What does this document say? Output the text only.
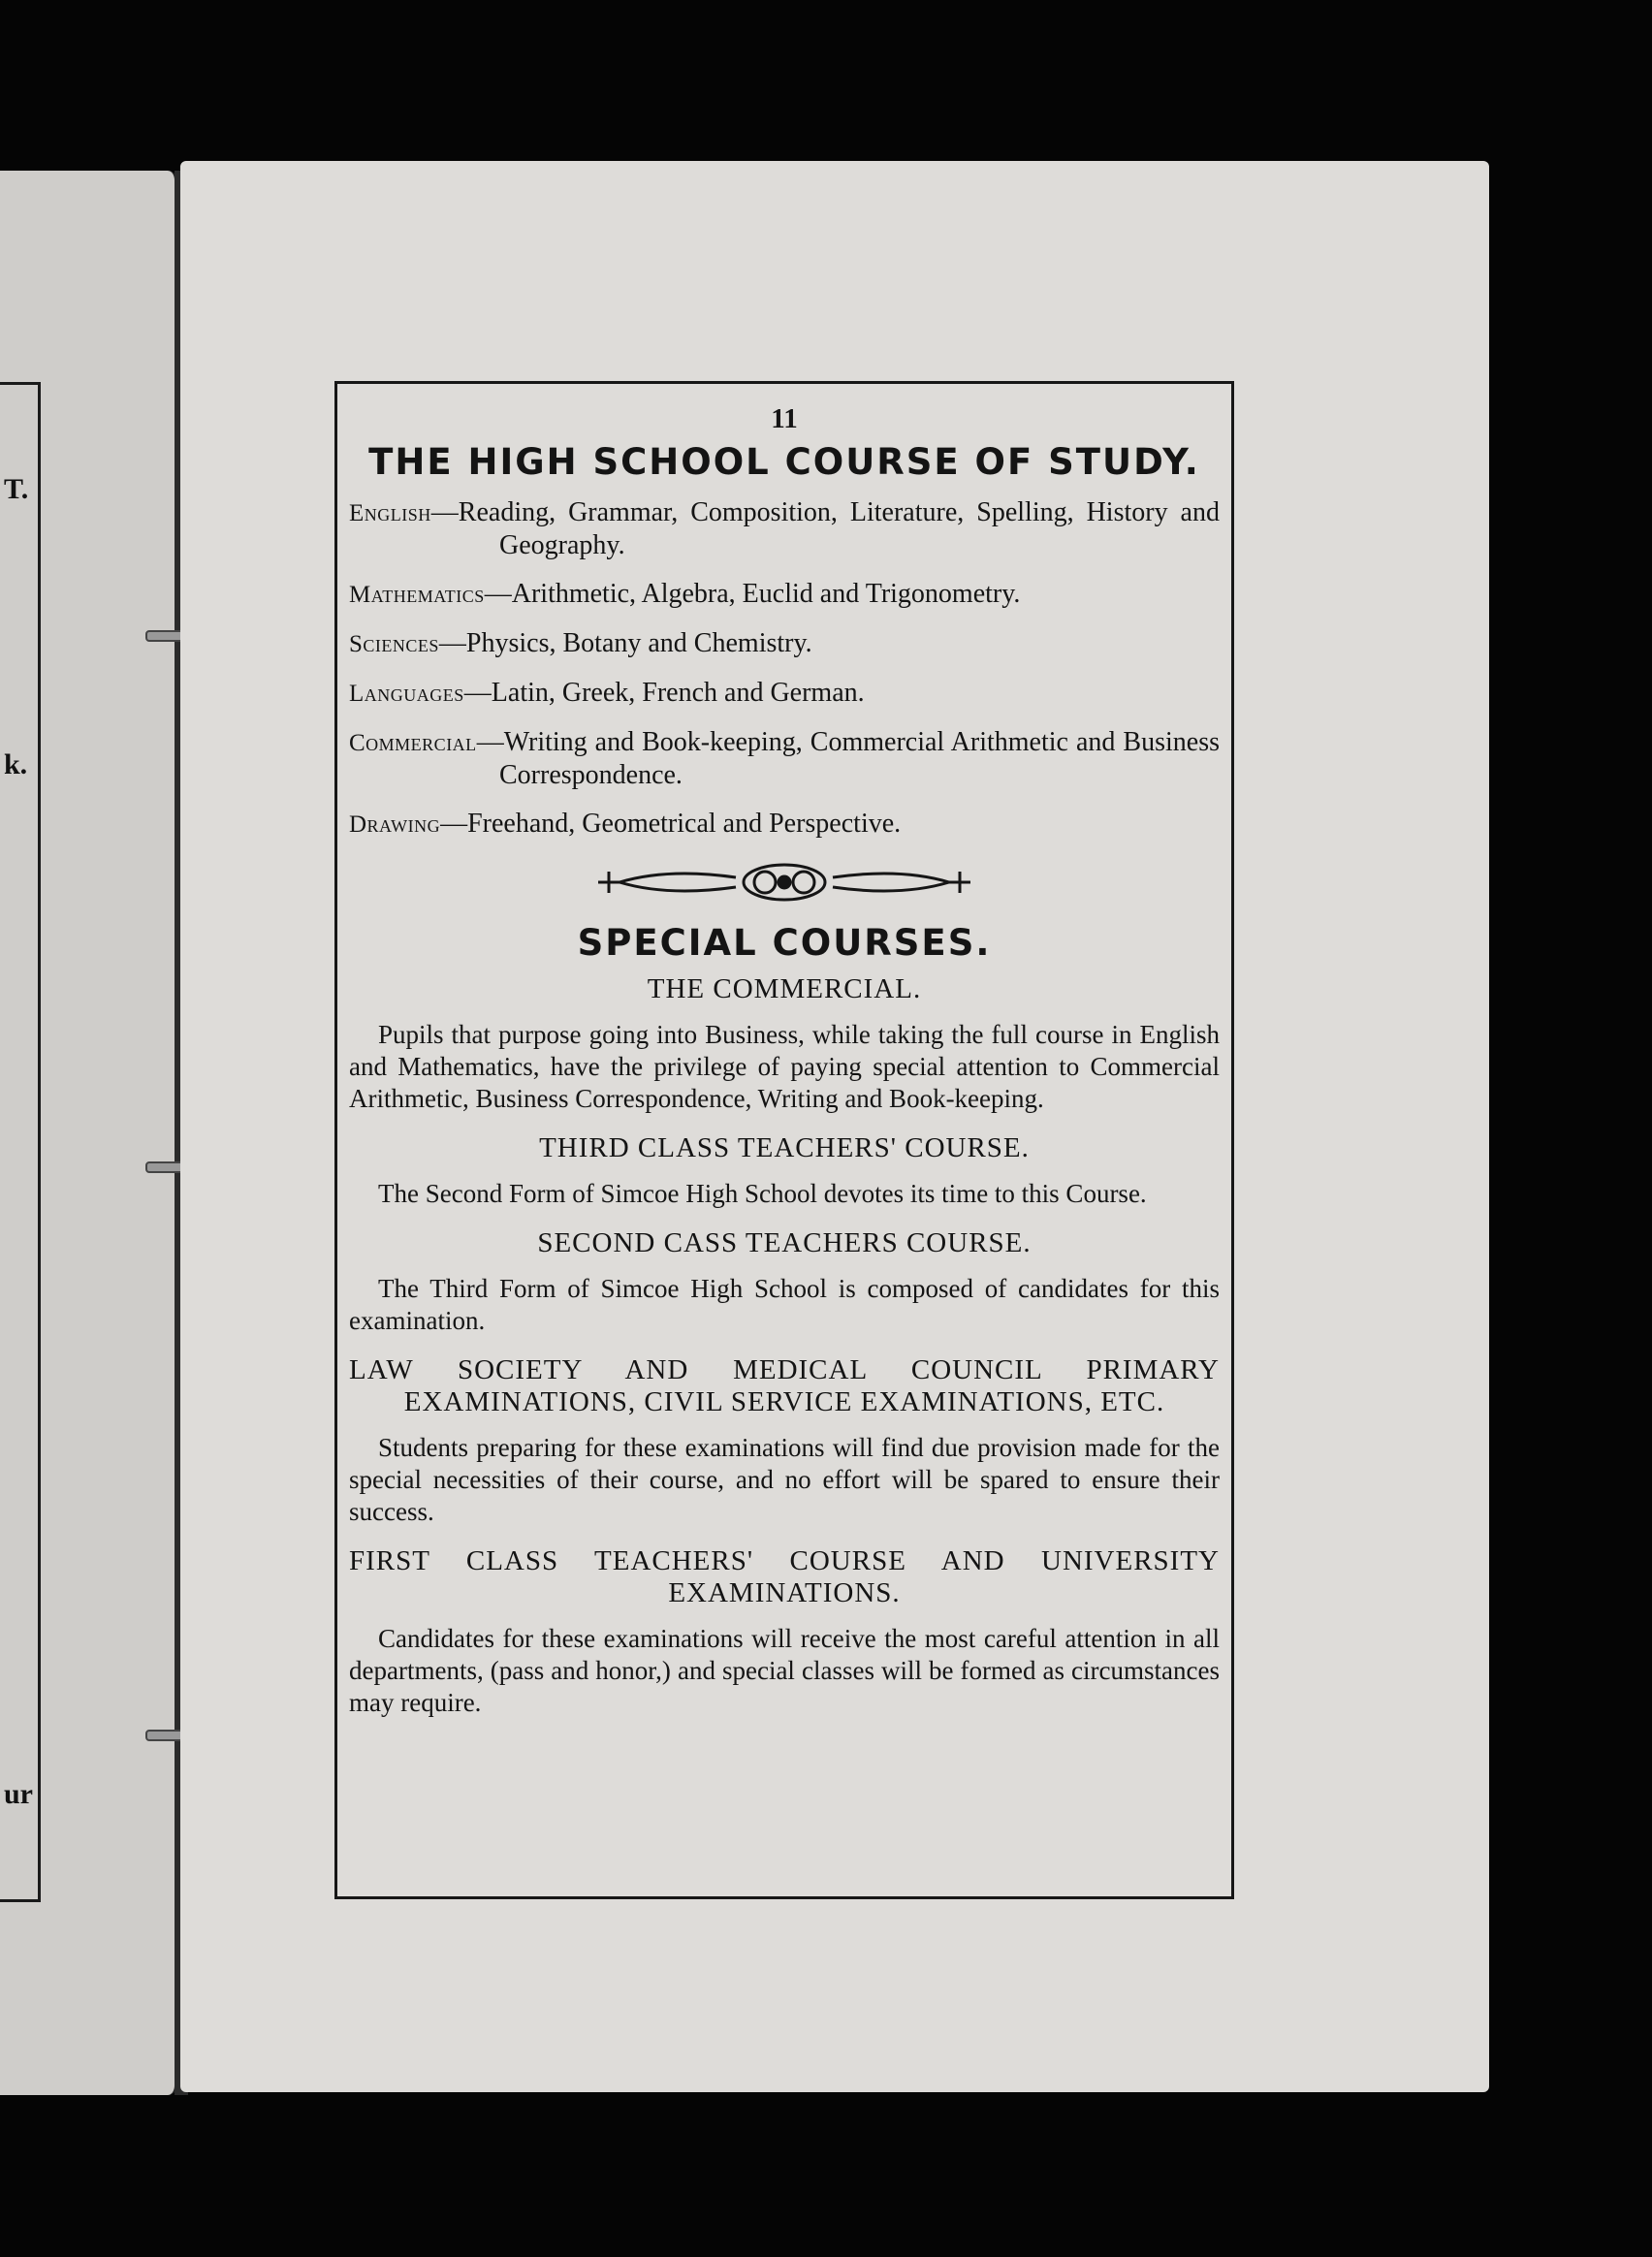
T.
k.
ur
11
THE HIGH SCHOOL COURSE OF STUDY.
English—Reading, Grammar, Composition, Literature, Spelling, History and Geography.
Mathematics—Arithmetic, Algebra, Euclid and Trigonometry.
Sciences—Physics, Botany and Chemistry.
Languages—Latin, Greek, French and German.
Commercial—Writing and Book-keeping, Commercial Arithmetic and Business Correspondence.
Drawing—Freehand, Geometrical and Perspective.
SPECIAL COURSES.
THE COMMERCIAL.
Pupils that purpose going into Business, while taking the full course in English and Mathematics, have the privilege of paying special attention to Commercial Arithmetic, Business Correspondence, Writing and Book-keeping.
THIRD CLASS TEACHERS' COURSE.
The Second Form of Simcoe High School devotes its time to this Course.
SECOND CASS TEACHERS COURSE.
The Third Form of Simcoe High School is composed of candidates for this examination.
LAW SOCIETY AND MEDICAL COUNCIL PRIMARY EXAMINATIONS, CIVIL SERVICE EXAMINATIONS, ETC.
Students preparing for these examinations will find due provision made for the special necessities of their course, and no effort will be spared to ensure their success.
FIRST CLASS TEACHERS' COURSE AND UNIVERSITY EXAMINATIONS.
Candidates for these examinations will receive the most careful attention in all departments, (pass and honor,) and special classes will be formed as circumstances may require.
